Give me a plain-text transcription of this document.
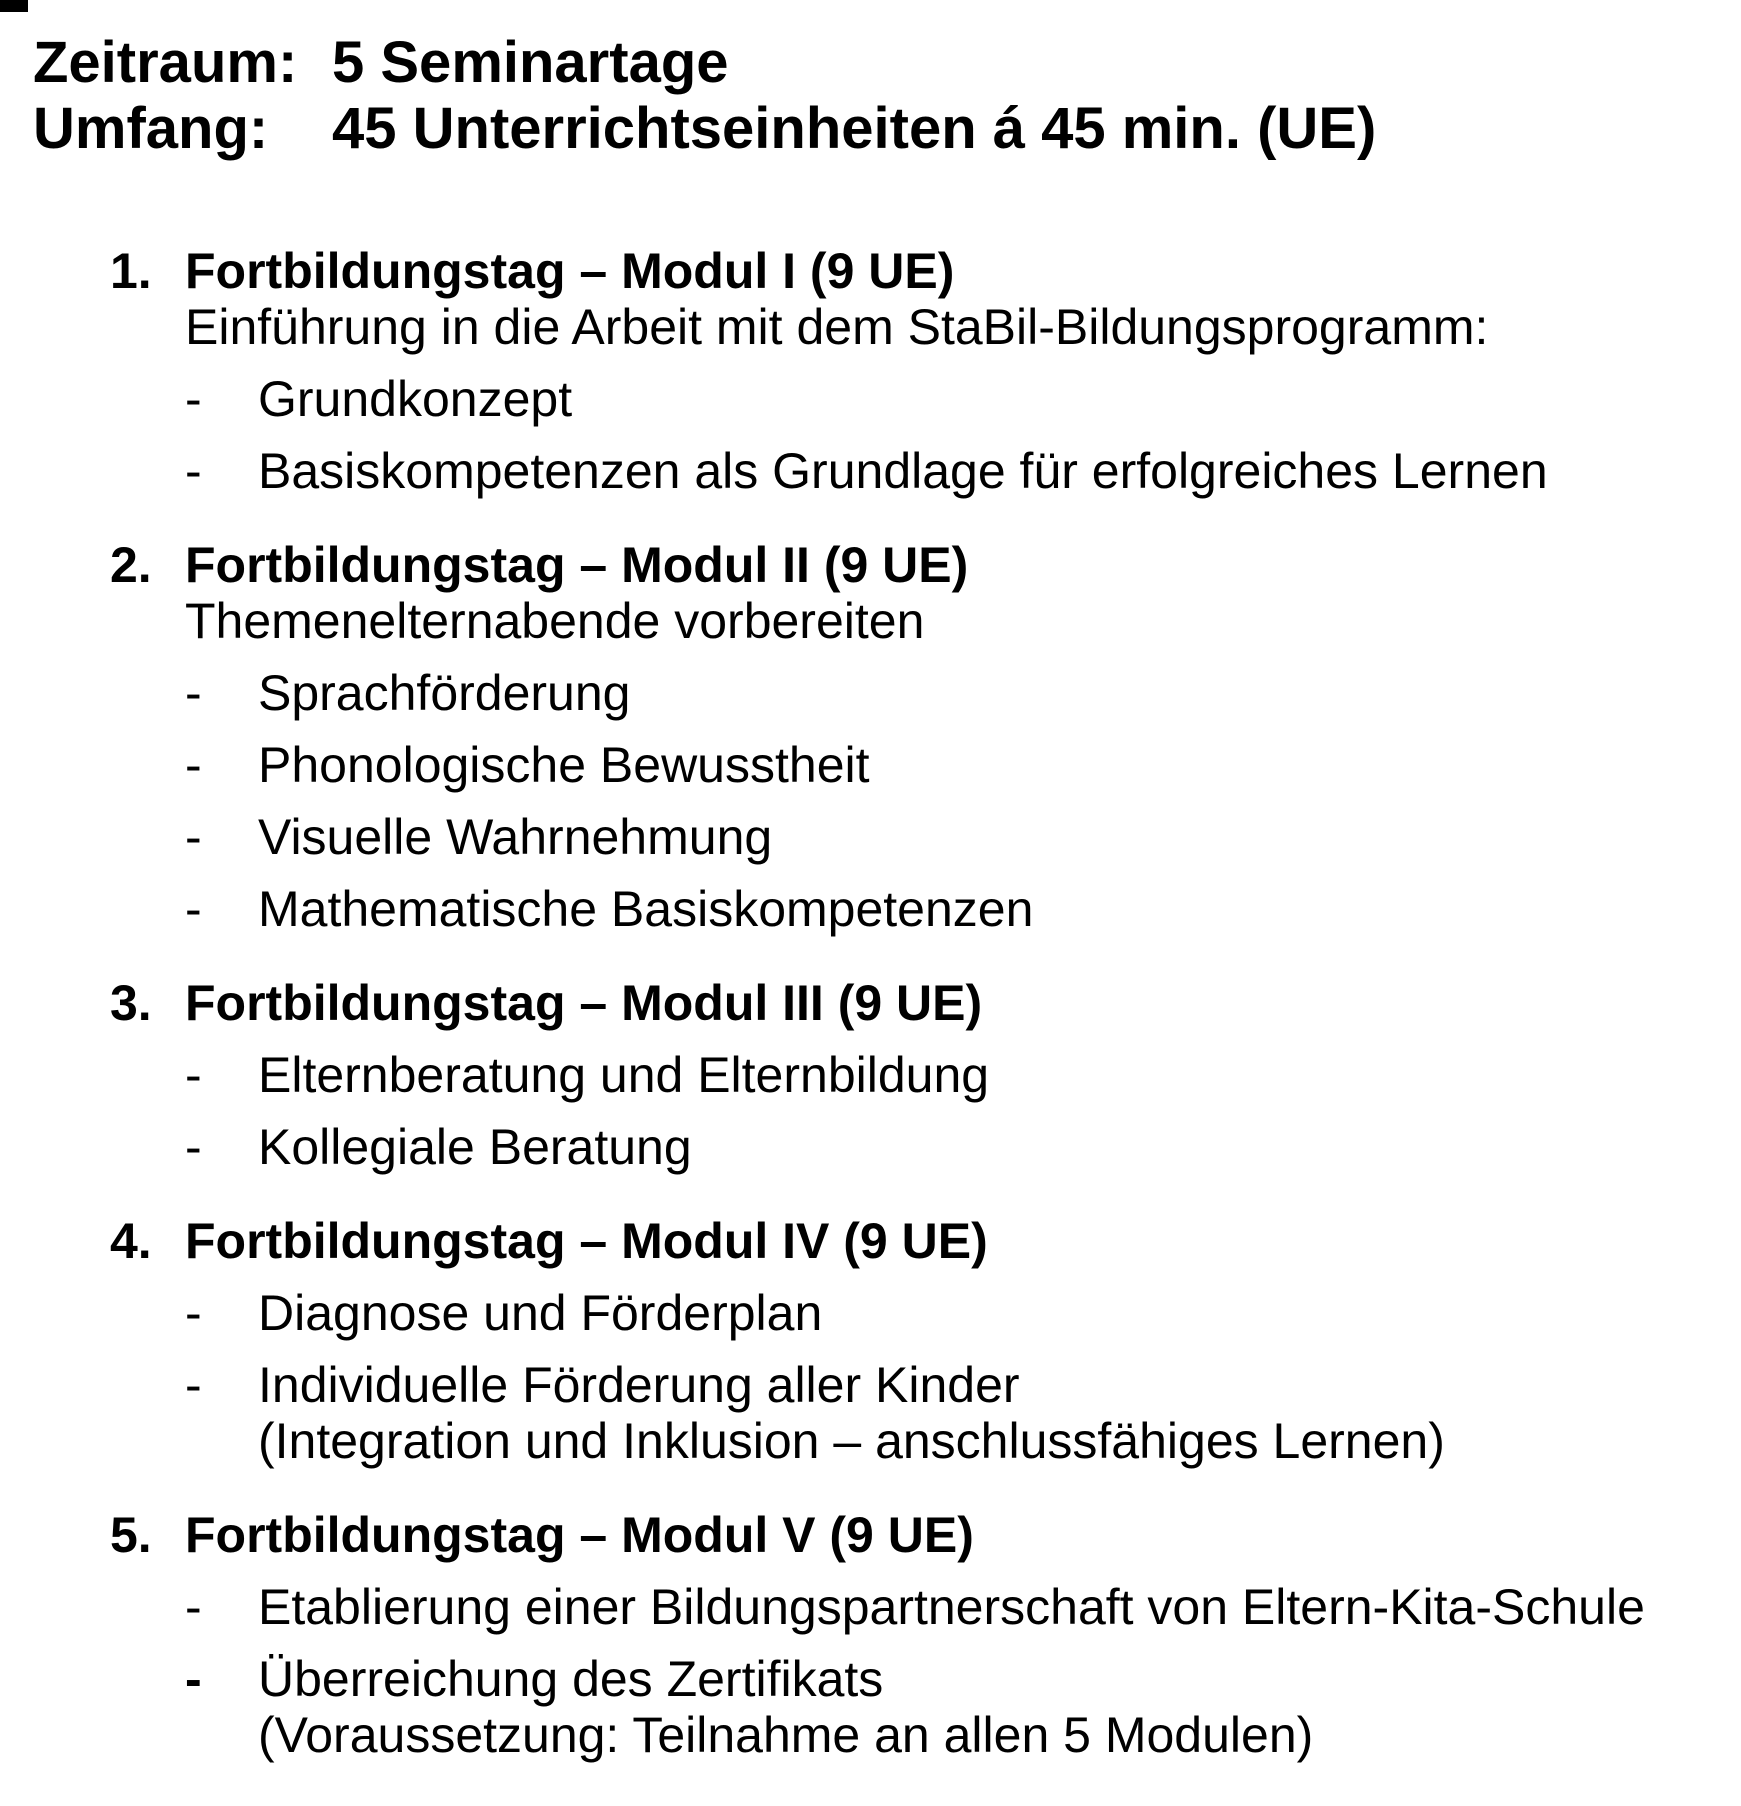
Zeitraum: 5 Seminartage
Umfang:	45 Unterrichtseinheiten á 45 min. (UE)
1. Fortbildungstag – Modul I (9 UE)
Einführung in die Arbeit mit dem StaBil-Bildungsprogramm:
-	Grundkonzept
-	Basiskompetenzen als Grundlage für erfolgreiches Lernen
2. Fortbildungstag – Modul II (9 UE)
Themenelternabende vorbereiten
-	Sprachförderung
-	Phonologische Bewusstheit
-	Visuelle Wahrnehmung
-	Mathematische Basiskompetenzen
3. Fortbildungstag – Modul III (9 UE)
-	Elternberatung und Elternbildung
-	Kollegiale Beratung
4. Fortbildungstag – Modul IV (9 UE)
-	Diagnose und Förderplan
-	Individuelle Förderung aller Kinder
(Integration und Inklusion – anschlussfähiges Lernen)
5. Fortbildungstag – Modul V (9 UE)
-	Etablierung einer Bildungspartnerschaft von Eltern-Kita-Schule
-	Überreichung des Zertifikats
(Voraussetzung: Teilnahme an allen 5 Modulen)
